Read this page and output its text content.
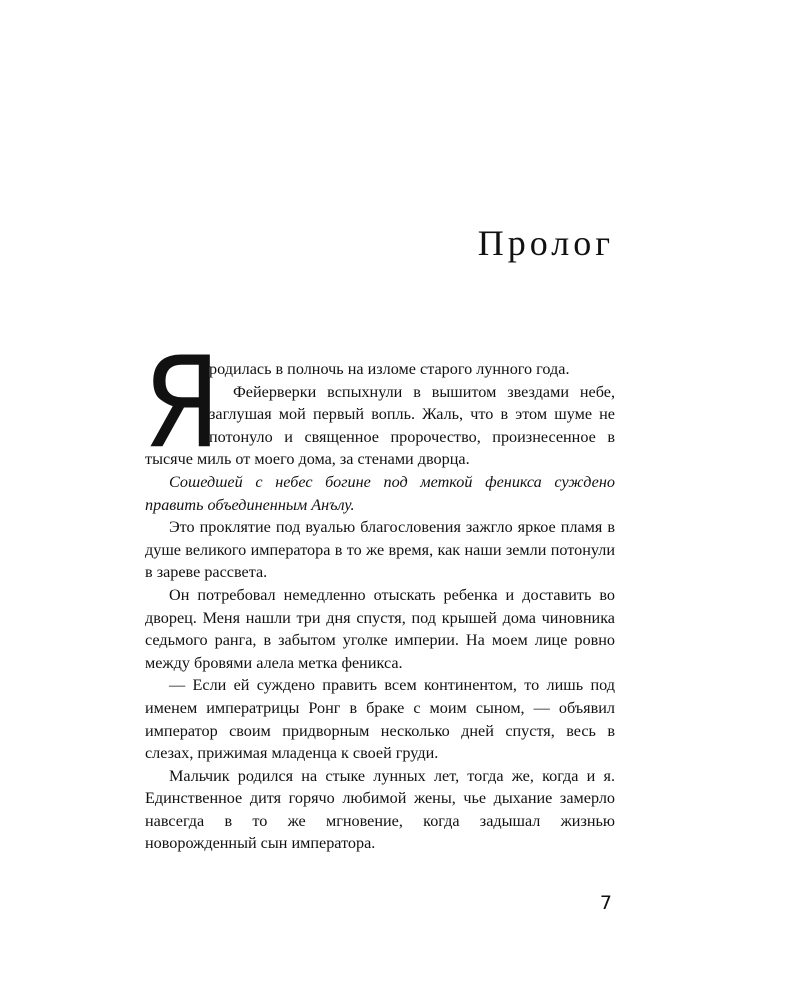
Пролог

Я
родилась в полночь на изломе старого лунного года.

Фейерверки вспыхнули в вышитом звездами небе, заглушая мой первый вопль. Жаль, что в этом шуме не потонуло и священное пророчество, произнесенное в тысяче миль от моего дома, за стенами дворца.

Сошедшей с небес богине под меткой феникса суждено править объединенным Анълу.

Это проклятие под вуалью благословения зажгло яркое пламя в душе великого императора в то же время, как наши земли потонули в зареве рассвета.

Он потребовал немедленно отыскать ребенка и доставить во дворец. Меня нашли три дня спустя, под крышей дома чиновника седьмого ранга, в забытом уголке империи. На моем лице ровно между бровями алела метка феникса.

— Если ей суждено править всем континентом, то лишь под именем императрицы Ронг в браке с моим сыном, — объявил император своим придворным несколько дней спустя, весь в слезах, прижимая младенца к своей груди.

Мальчик родился на стыке лунных лет, тогда же, когда и я. Единственное дитя горячо любимой жены, чье дыхание замерло навсегда в то же мгновение, когда задышал жизнью новорожденный сын императора.

7
